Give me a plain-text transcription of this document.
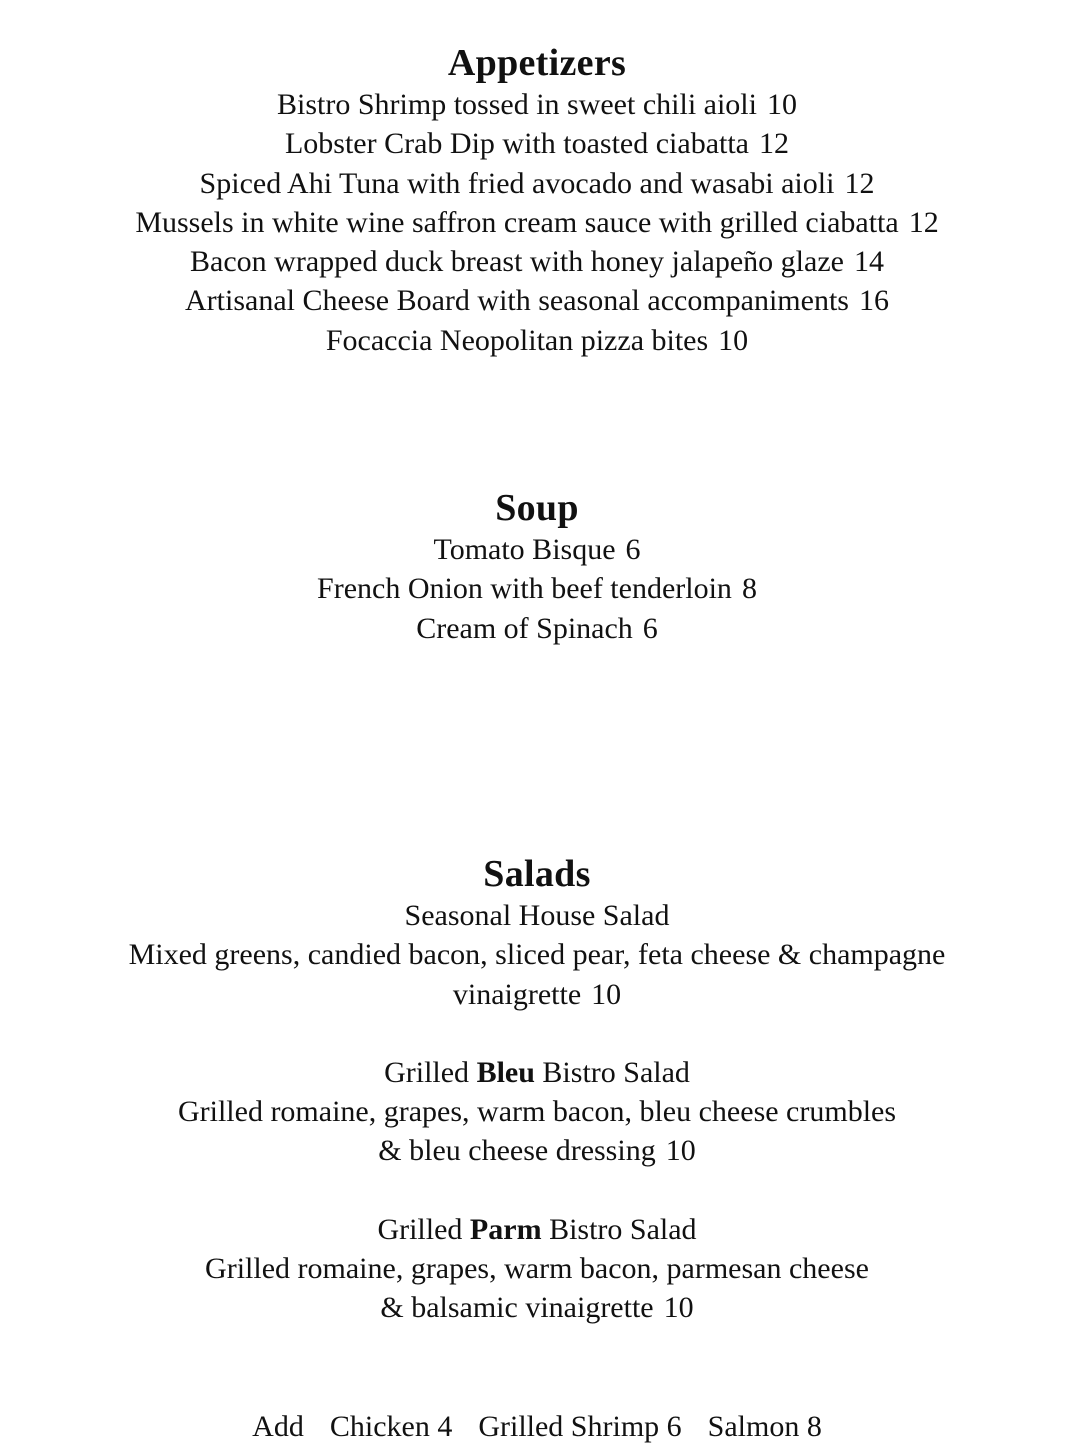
Appetizers
Bistro Shrimp tossed in sweet chili aioli 10
Lobster Crab Dip with toasted ciabatta 12
Spiced Ahi Tuna with fried avocado and wasabi aioli 12
Mussels in white wine saffron cream sauce with grilled ciabatta 12
Bacon wrapped duck breast with honey jalapeño glaze 14
Artisanal Cheese Board with seasonal accompaniments 16
Focaccia Neopolitan pizza bites 10
Soup
Tomato Bisque 6
French Onion with beef tenderloin 8
Cream of Spinach 6
Salads
Seasonal House Salad
Mixed greens, candied bacon, sliced pear, feta cheese & champagne
vinaigrette 10
Grilled Bleu Bistro Salad
Grilled romaine, grapes, warm bacon, bleu cheese crumbles
& bleu cheese dressing 10
Grilled Parm Bistro Salad
Grilled romaine, grapes, warm bacon, parmesan cheese
& balsamic vinaigrette 10
Add Chicken 4 Grilled Shrimp 6 Salmon 8
